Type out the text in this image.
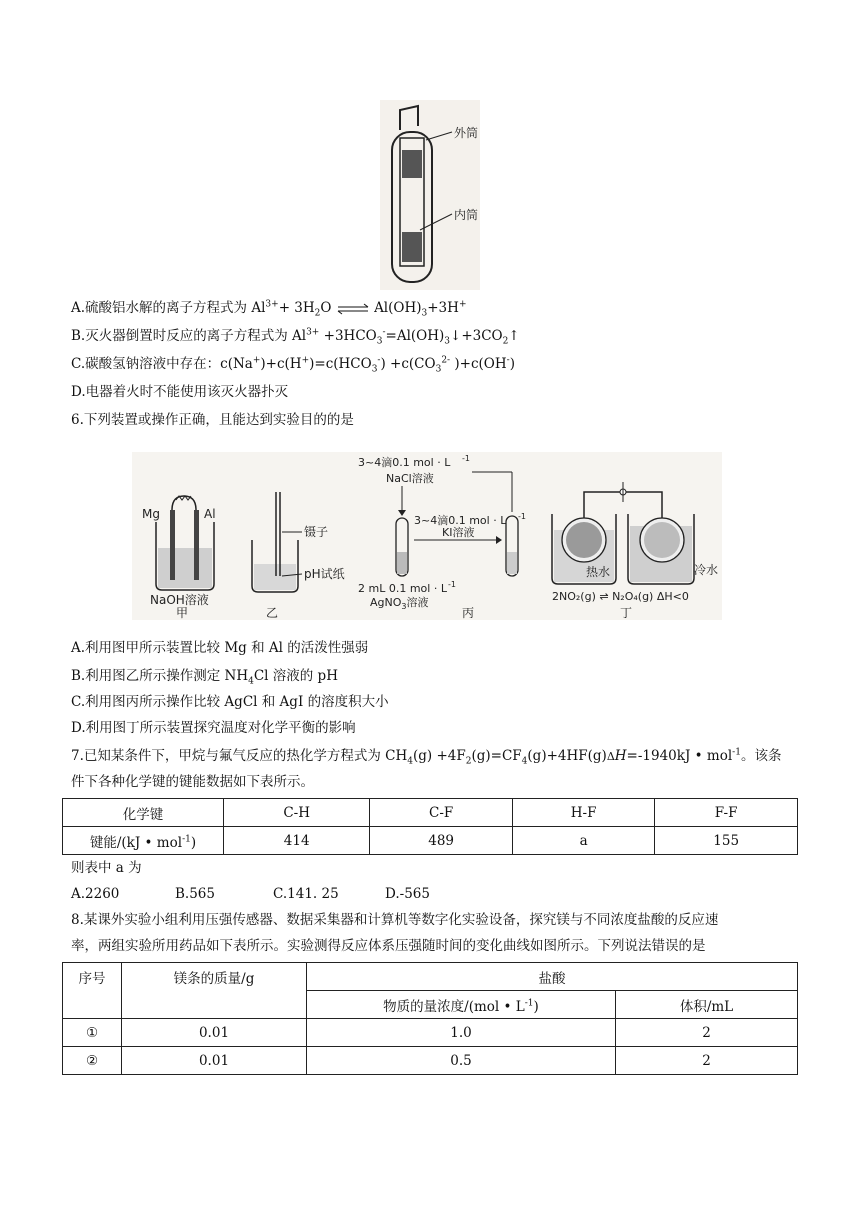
外筒
内筒
A.硫酸铝水解的离子方程式为 $Al^{3+}+ 3H_2O$ ⇌ $Al(OH)_3+3H^+$
B.灭火器倒置时反应的离子方程式为 $Al^{3+}$ $+3HCO_3^-=Al(OH)_3↓+3CO_2↑$
C.碳酸氢钠溶液中存在：$c(Na^+)+c(H^+)=c(HCO_3^-) +c(CO_3^{2-}$ )+c(OH-)
D.电器着火时不能使用该灭火器扑灭
6.下列装置或操作正确，且能达到实验目的的是
Mg	Al
NaOH溶液
甲
镊子
pH试纸
乙
3~4滴0.1 mol · L -1
NaCl溶液
3~4滴0.1 mol · L -1
KI溶液
2 mL 0.1 mol · L -1
AgNO$_3$溶液
丙
热水	冷水
2NO₂(g) ⇌ N₂O₄(g) ΔH<0
丁
A.利用图甲所示装置比较 Mg 和 Al 的活泼性强弱
B.利用图乙所示操作测定 $NH_4Cl$ 溶液的 pH
C.利用图丙所示操作比较 AgCl 和 AgI 的溶度积大小
D.利用图丁所示装置探究温度对化学平衡的影响
7.已知某条件下，甲烷与氟气反应的热化学方程式为 $CH_4(g) +4F_2(g)=CF_4(g)+4HF(g)\Delta H=-1940kJ$ • mol$^{-1}$。该条
件下各种化学键的键能数据如下表所示。
化学键	C-H	C-F	H-F	F-F
键能/(kJ • mol$^{-1}$)	414	489	a	155
则表中 a 为
A.2260	B.565	C.141. 25	D.-565
8.某课外实验小组利用压强传感器、数据采集器和计算机等数字化实验设备，探究镁与不同浓度盐酸的反应速
率，两组实验所用药品如下表所示。实验测得反应体系压强随时间的变化曲线如图所示。下列说法错误的是
序号	镁条的质量/g	盐酸	
		物质的量浓度/(mol • $L^{-1}$)	体积/mL
①	0.01	1.0	2
②	0.01	0.5	2
